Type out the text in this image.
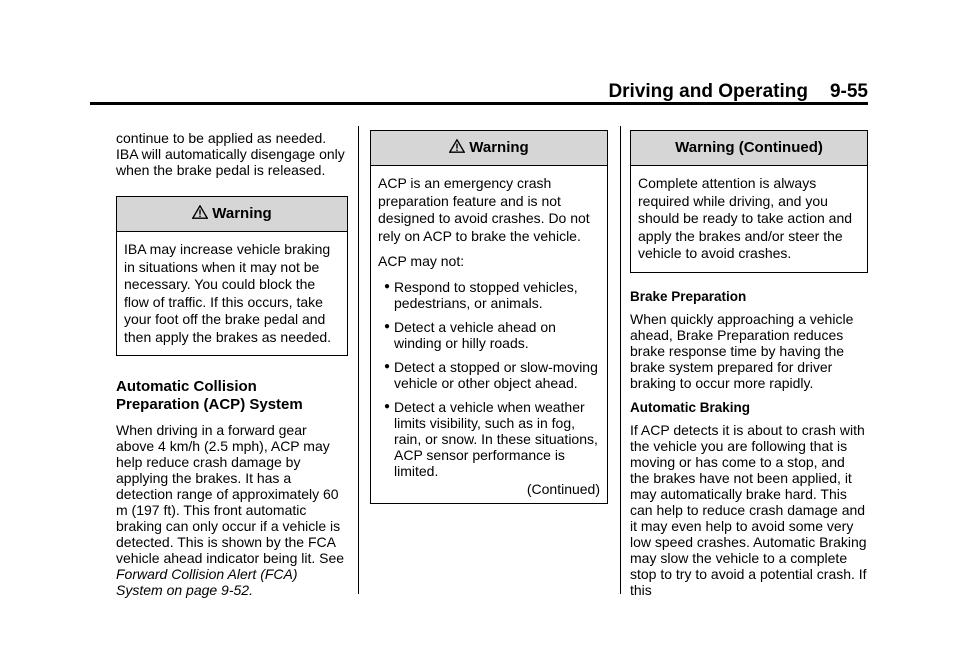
Driving and Operating 9-55

continue to be applied as needed. IBA will automatically disengage only when the brake pedal is released.

Warning

IBA may increase vehicle braking in situations when it may not be necessary. You could block the flow of traffic. If this occurs, take your foot off the brake pedal and then apply the brakes as needed.

Automatic Collision
Preparation (ACP) System

When driving in a forward gear above 4 km/h (2.5 mph), ACP may help reduce crash damage by applying the brakes. It has a detection range of approximately 60 m (197 ft). This front automatic braking can only occur if a vehicle is detected. This is shown by the FCA vehicle ahead indicator being lit. See Forward Collision Alert (FCA) System on page 9-52.

Warning

ACP is an emergency crash preparation feature and is not designed to avoid crashes. Do not rely on ACP to brake the vehicle.

ACP may not:

● Respond to stopped vehicles, pedestrians, or animals.
● Detect a vehicle ahead on winding or hilly roads.
● Detect a stopped or slow-moving vehicle or other object ahead.
● Detect a vehicle when weather limits visibility, such as in fog, rain, or snow. In these situations, ACP sensor performance is limited.
(Continued)
Warning (Continued)

Complete attention is always required while driving, and you should be ready to take action and apply the brakes and/or steer the vehicle to avoid crashes.

Brake Preparation

When quickly approaching a vehicle ahead, Brake Preparation reduces brake response time by having the brake system prepared for driver braking to occur more rapidly.

Automatic Braking

If ACP detects it is about to crash with the vehicle you are following that is moving or has come to a stop, and the brakes have not been applied, it may automatically brake hard. This can help to reduce crash damage and it may even help to avoid some very low speed crashes. Automatic Braking may slow the vehicle to a complete stop to try to avoid a potential crash. If this
